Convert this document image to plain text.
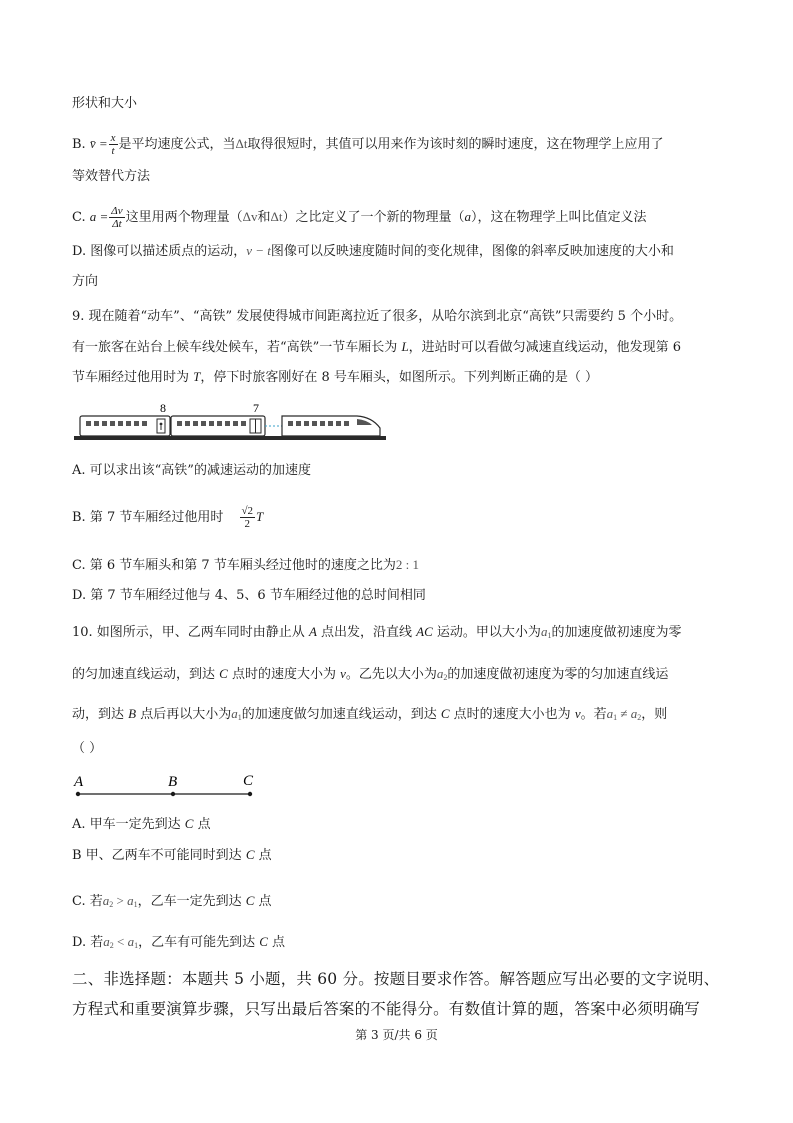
形状和大小
B. v̄ = $\frac{x}{t}$ 是平均速度公式，当Δt取得很短时，其值可以用来作为该时刻的瞬时速度，这在物理学上应用了
等效替代方法
C. $a = \frac{\Delta v}{\Delta t}$ 这里用两个物理量（Δv和Δt）之比定义了一个新的物理量（a），这在物理学上叫比值定义法
D. 图像可以描述质点的运动，v − t图像可以反映速度随时间的变化规律，图像的斜率反映加速度的大小和
方向
9. 现在随着“动车”、“高铁” 发展使得城市间距离拉近了很多，从哈尔滨到北京“高铁”只需要约 5 个小时。
有一旅客在站台上候车线处候车，若“高铁”一节车厢长为 L，进站时可以看做匀减速直线运动，他发现第 6
节车厢经过他用时为 T，停下时旅客刚好在 8 号车厢头，如图所示。下列判断正确的是（ ）
8	7
A. 可以求出该“高铁”的减速运动的加速度
B. 第 7 节车厢经过他用时 $\frac{√2}{2}$ T
C. 第 6 节车厢头和第 7 节车厢头经过他时的速度之比为2 : 1
D. 第 7 节车厢经过他与 4、5、6 节车厢经过他的总时间相同
10. 如图所示，甲、乙两车同时由静止从 A 点出发，沿直线 AC 运动。甲以大小为$a_1$的加速度做初速度为零
的匀加速直线运动，到达 C 点时的速度大小为 v。乙先以大小为$a_2$的加速度做初速度为零的匀加速直线运
动，到达 B 点后再以大小为$a_1$的加速度做匀加速直线运动，到达 C 点时的速度大小也为 v。若$a_1 \ne a_2$，则
（ ）
A	B	C
A. 甲车一定先到达 C 点
B 甲、乙两车不可能同时到达 C 点
C. 若$a_2 > a_1$，乙车一定先到达 C 点
D. 若$a_2 < a_1$，乙车有可能先到达 C 点
二、非选择题：本题共 5 小题，共 60 分。按题目要求作答。解答题应写出必要的文字说明、
方程式和重要演算步骤，只写出最后答案的不能得分。有数值计算的题，答案中必须明确写
第 3 页/共 6 页
